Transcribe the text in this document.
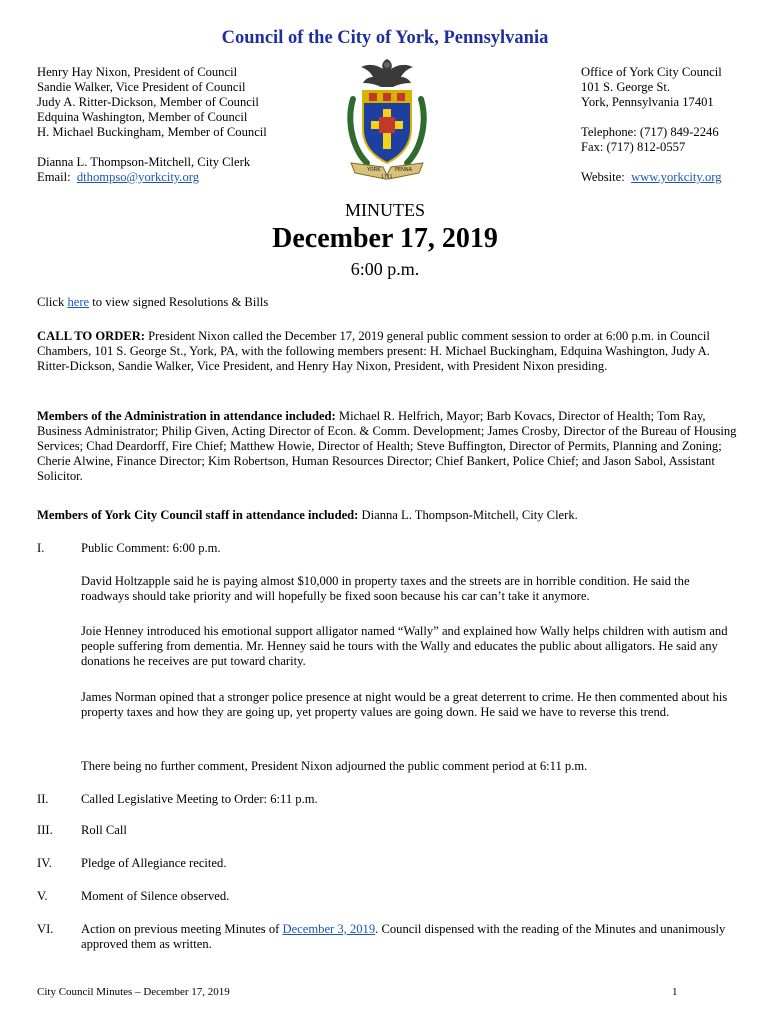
Council of the City of York, Pennsylvania
Henry Hay Nixon, President of Council
Sandie Walker, Vice President of Council
Judy A. Ritter-Dickson, Member of Council
Edquina Washington, Member of Council
H. Michael Buckingham, Member of Council
Dianna L. Thompson-Mitchell, City Clerk
Email: dthompso@yorkcity.org
Office of York City Council
101 S. George St.
York, Pennsylvania 17401
Telephone: (717) 849-2246
Fax: (717) 812-0557
Website: www.yorkcity.org
YORK	PENNA
1741
MINUTES
December 17, 2019
6:00 p.m.
Click here to view signed Resolutions & Bills

CALL TO ORDER: President Nixon called the December 17, 2019 general public comment session to order at 6:00 p.m. in Council Chambers, 101 S. George St., York, PA, with the following members present: H. Michael Buckingham, Edquina Washington, Judy A. Ritter-Dickson, Sandie Walker, Vice President, and Henry Hay Nixon, President, with President Nixon presiding.

Members of the Administration in attendance included: Michael R. Helfrich, Mayor; Barb Kovacs, Director of Health; Tom Ray, Business Administrator; Philip Given, Acting Director of Econ. & Comm. Development; James Crosby, Director of the Bureau of Housing Services; Chad Deardorff, Fire Chief; Matthew Howie, Director of Health; Steve Buffington, Director of Permits, Planning and Zoning; Cherie Alwine, Finance Director; Kim Robertson, Human Resources Director; Chief Bankert, Police Chief; and Jason Sabol, Assistant Solicitor.

Members of York City Council staff in attendance included: Dianna L. Thompson-Mitchell, City Clerk.

I.	Public Comment: 6:00 p.m.
David Holtzapple said he is paying almost $10,000 in property taxes and the streets are in horrible condition. He said the roadways should take priority and will hopefully be fixed soon because his car can’t take it anymore.
Joie Henney introduced his emotional support alligator named “Wally” and explained how Wally helps children with autism and people suffering from dementia. Mr. Henney said he tours with the Wally and educates the public about alligators. He said any donations he receives are put toward charity.
James Norman opined that a stronger police presence at night would be a great deterrent to crime. He then commented about his property taxes and how they are going up, yet property values are going down. He said we have to reverse this trend.
There being no further comment, President Nixon adjourned the public comment period at 6:11 p.m.
II.	Called Legislative Meeting to Order: 6:11 p.m.
III. Roll Call
IV. Pledge of Allegiance recited.
V.	Moment of Silence observed.
VI. Action on previous meeting Minutes of December 3, 2019. Council dispensed with the reading of the Minutes and unanimously approved them as written.
City Council Minutes – December 17, 2019	1
